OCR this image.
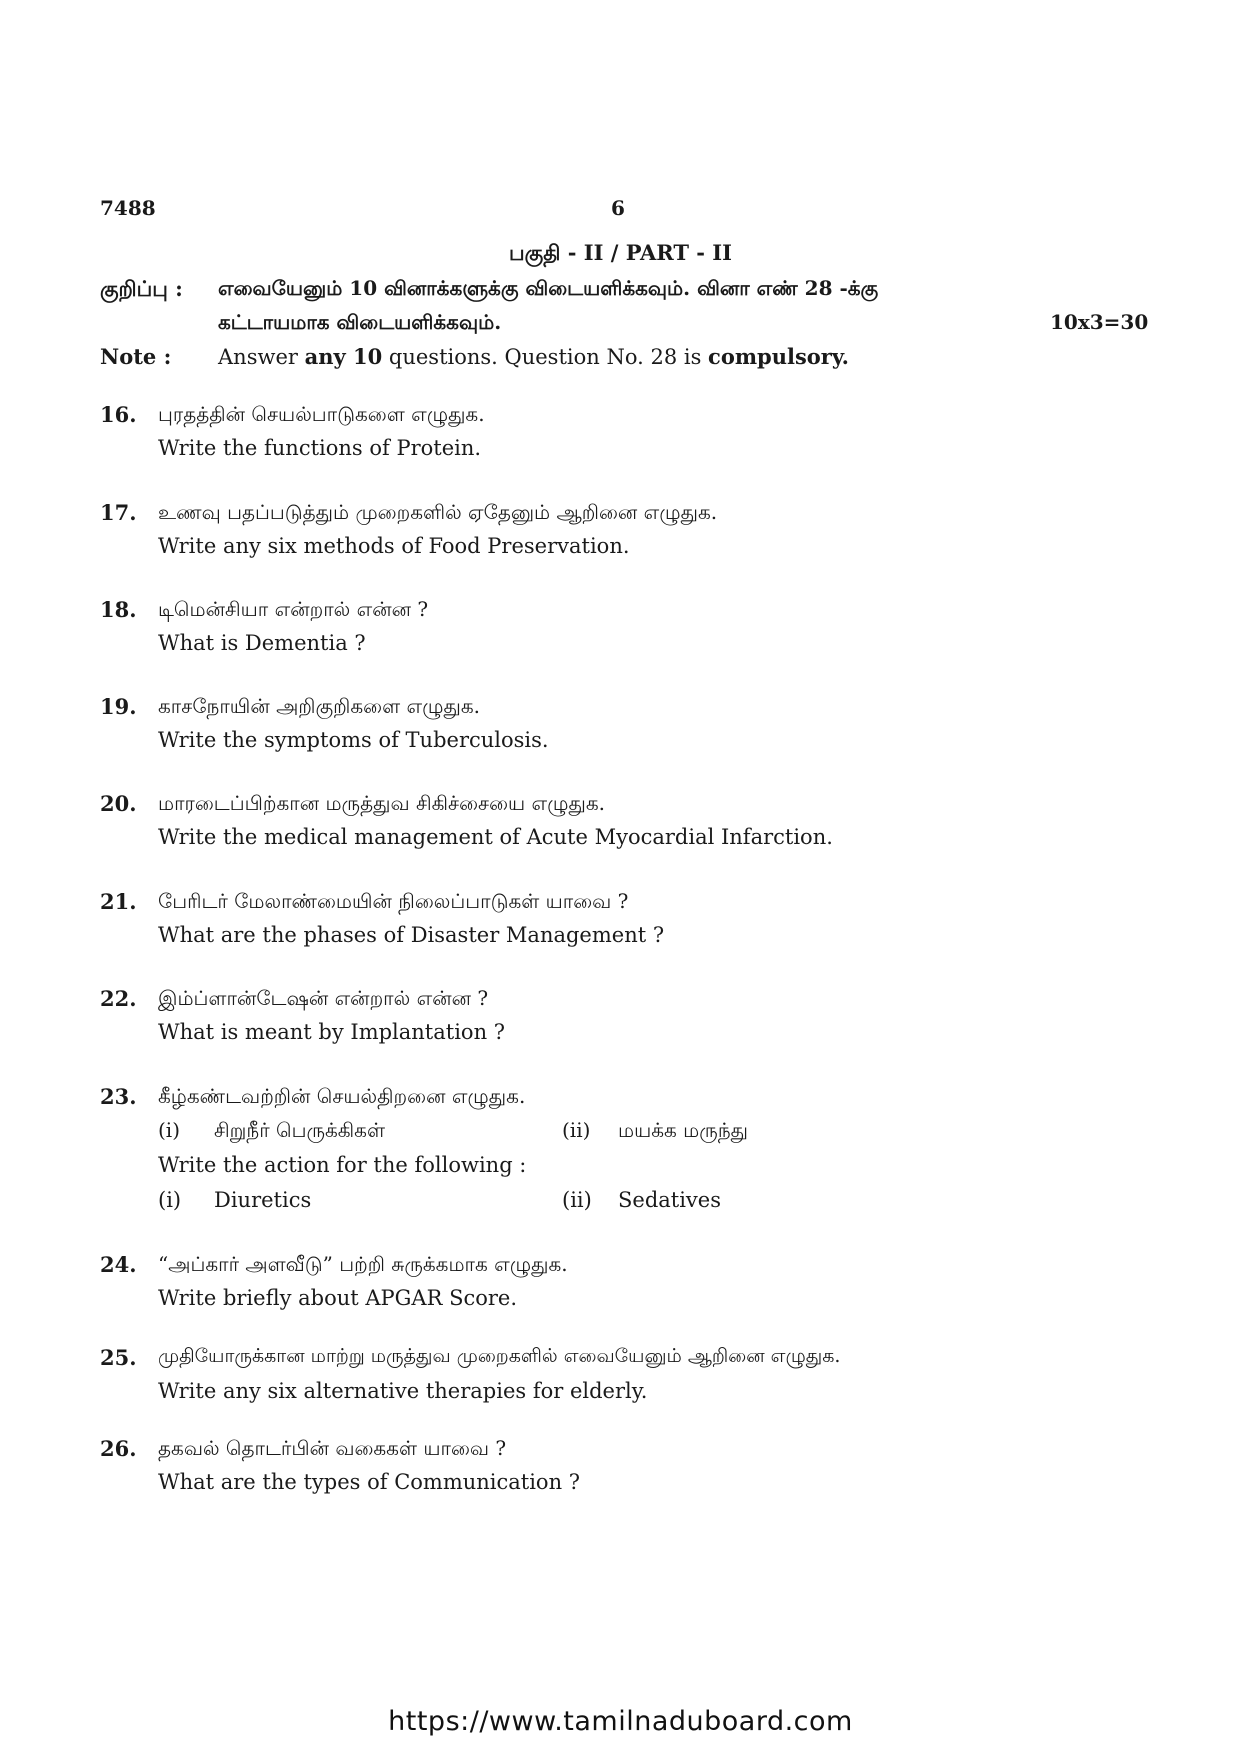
7488	6
பகுதி - II / PART - II
குறிப்பு : எவையேனும் 10 வினாக்களுக்கு விடையளிக்கவும். வினா எண் 28 -க்கு
கட்டாயமாக விடையளிக்கவும்.	10x3=30
Note : Answer any 10 questions. Question No. 28 is compulsory.
16. புரதத்தின் செயல்பாடுகளை எழுதுக.
Write the functions of Protein.
17. உணவு பதப்படுத்தும் முறைகளில் ஏதேனும் ஆறினை எழுதுக.
Write any six methods of Food Preservation.
18. டிமென்சியா என்றால் என்ன ?
What is Dementia ?
19. காசநோயின் அறிகுறிகளை எழுதுக.
Write the symptoms of Tuberculosis.
20. மாரடைப்பிற்கான மருத்துவ சிகிச்சையை எழுதுக.
Write the medical management of Acute Myocardial Infarction.
21. பேரிடர் மேலாண்மையின் நிலைப்பாடுகள் யாவை ?
What are the phases of Disaster Management ?
22. இம்ப்ளான்டேஷன் என்றால் என்ன ?
What is meant by Implantation ?
23. கீழ்கண்டவற்றின் செயல்திறனை எழுதுக.
(i) சிறுநீர் பெருக்கிகள்	(ii) மயக்க மருந்து
Write the action for the following :
(i) Diuretics	(ii) Sedatives
24. “அப்கார் அளவீடு” பற்றி சுருக்கமாக எழுதுக.
Write briefly about APGAR Score.
25. முதியோருக்கான மாற்று மருத்துவ முறைகளில் எவையேனும் ஆறினை எழுதுக.
Write any six alternative therapies for elderly.
26. தகவல் தொடர்பின் வகைகள் யாவை ?
What are the types of Communication ?
https://www.tamilnaduboard.com
